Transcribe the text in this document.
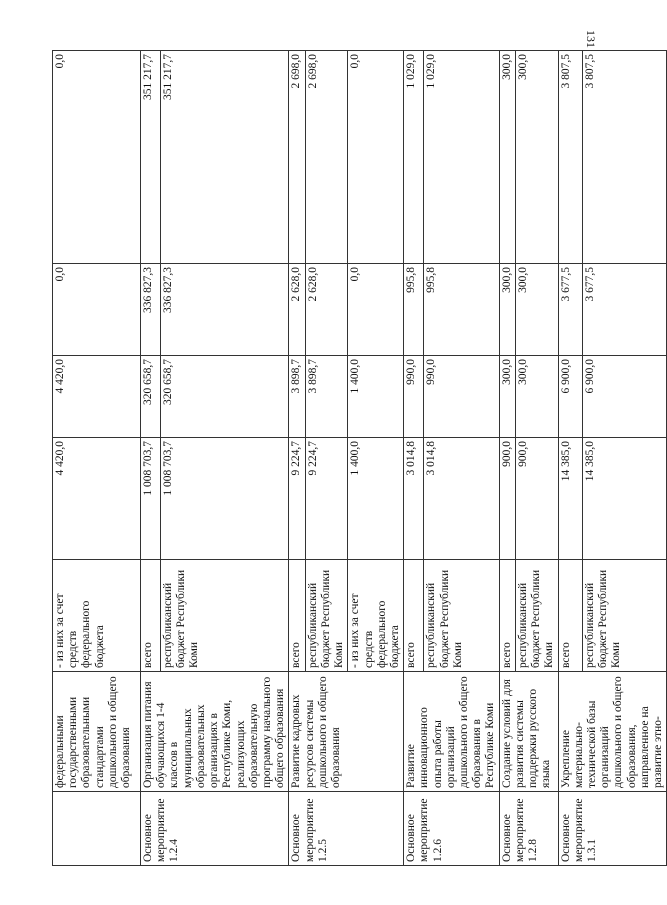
131
	федеральными государственными образовательными стандартами дошкольного и общего образования	- из них за счет средств федерального бюджета	4 420,0	4 420,0	0,0	0,0
Основное мероприятие 1.2.4	Организация питания обучающихся 1-4 классов в муниципальных образовательных организациях в Республике Коми, реализующих образовательную программу начального общего образования	всего	1 008 703,7	320 658,7	336 827,3	351 217,7
		республиканский бюджет Республики Коми	1 008 703,7	320 658,7	336 827,3	351 217,7
Основное мероприятие 1.2.5	Развитие кадровых ресурсов системы дошкольного и общего образования	всего	9 224,7	3 898,7	2 628,0	2 698,0
		республиканский бюджет Республики Коми	9 224,7	3 898,7	2 628,0	2 698,0
		- из них за счет средств федерального бюджета	1 400,0	1 400,0	0,0	0,0
Основное мероприятие 1.2.6	Развитие инновационного опыта работы организаций дошкольного и общего образования в Республике Коми	всего	3 014,8	990,0	995,8	1 029,0
		республиканский бюджет Республики Коми	3 014,8	990,0	995,8	1 029,0
Основное мероприятие 1.2.8	Создание условий для развития системы поддержки русского языка	всего	900,0	300,0	300,0	300,0
		республиканский бюджет Республики Коми	900,0	300,0	300,0	300,0
Основное мероприятие 1.3.1	Укрепление материально-технической базы организаций дошкольного и общего образования, направленное на развитие этно-	всего	14 385,0	6 900,0	3 677,5	3 807,5
		республиканский бюджет Республики Коми	14 385,0	6 900,0	3 677,5	3 807,5
